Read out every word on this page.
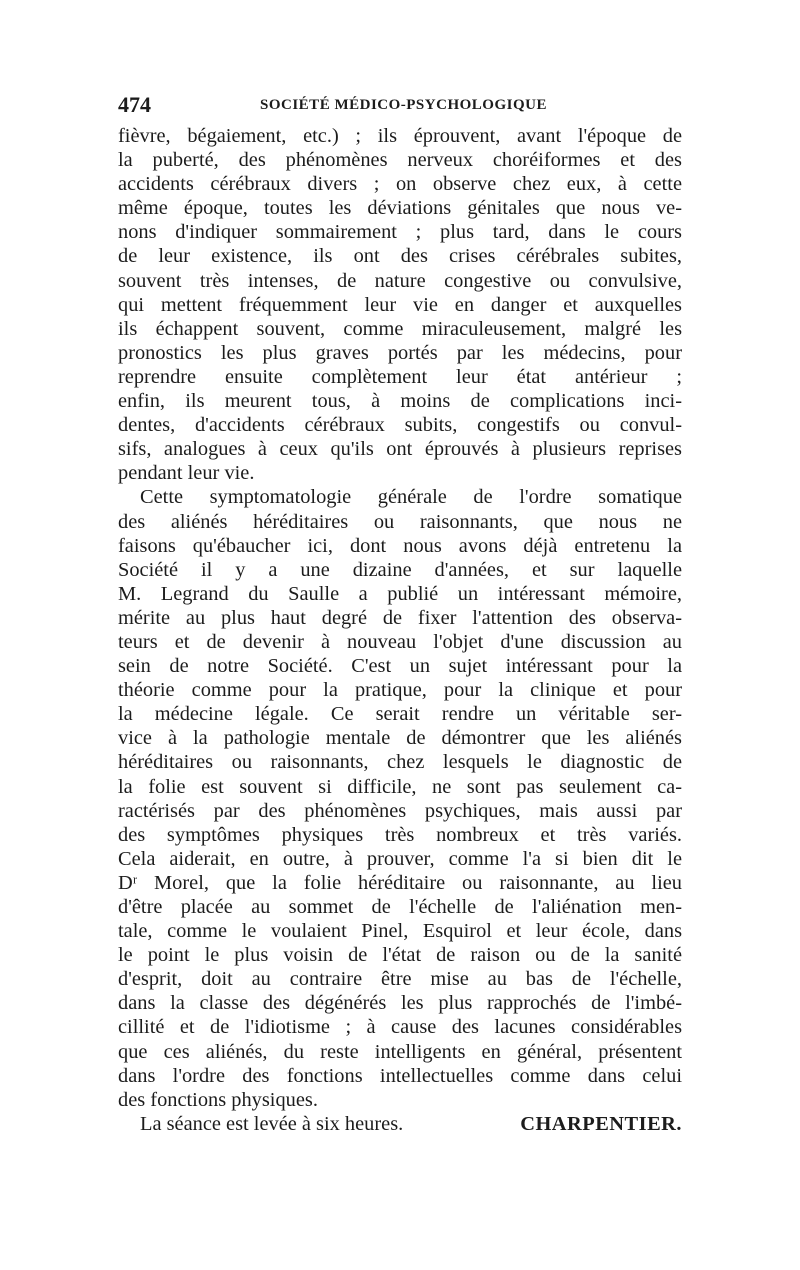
474	SOCIÉTÉ MÉDICO-PSYCHOLOGIQUE
fièvre, bégaiement, etc.) ; ils éprouvent, avant l'époque de
la puberté, des phénomènes nerveux choréiformes et des
accidents cérébraux divers ; on observe chez eux, à cette
même époque, toutes les déviations génitales que nous ve-
nons d'indiquer sommairement ; plus tard, dans le cours
de leur existence, ils ont des crises cérébrales subites,
souvent très intenses, de nature congestive ou convulsive,
qui mettent fréquemment leur vie en danger et auxquelles
ils échappent souvent, comme miraculeusement, malgré les
pronostics les plus graves portés par les médecins, pour
reprendre ensuite complètement leur état antérieur ;
enfin, ils meurent tous, à moins de complications inci-
dentes, d'accidents cérébraux subits, congestifs ou convul-
sifs, analogues à ceux qu'ils ont éprouvés à plusieurs reprises
pendant leur vie.
Cette symptomatologie générale de l'ordre somatique
des aliénés héréditaires ou raisonnants, que nous ne
faisons qu'ébaucher ici, dont nous avons déjà entretenu la
Société il y a une dizaine d'années, et sur laquelle
M. Legrand du Saulle a publié un intéressant mémoire,
mérite au plus haut degré de fixer l'attention des observa-
teurs et de devenir à nouveau l'objet d'une discussion au
sein de notre Société. C'est un sujet intéressant pour la
théorie comme pour la pratique, pour la clinique et pour
la médecine légale. Ce serait rendre un véritable ser-
vice à la pathologie mentale de démontrer que les aliénés
héréditaires ou raisonnants, chez lesquels le diagnostic de
la folie est souvent si difficile, ne sont pas seulement ca-
ractérisés par des phénomènes psychiques, mais aussi par
des symptômes physiques très nombreux et très variés.
Cela aiderait, en outre, à prouver, comme l'a si bien dit le
Dʳ Morel, que la folie héréditaire ou raisonnante, au lieu
d'être placée au sommet de l'échelle de l'aliénation men-
tale, comme le voulaient Pinel, Esquirol et leur école, dans
le point le plus voisin de l'état de raison ou de la sanité
d'esprit, doit au contraire être mise au bas de l'échelle,
dans la classe des dégénérés les plus rapprochés de l'imbé-
cillité et de l'idiotisme ; à cause des lacunes considérables
que ces aliénés, du reste intelligents en général, présentent
dans l'ordre des fonctions intellectuelles comme dans celui
des fonctions physiques.
La séance est levée à six heures.	CHARPENTIER.
